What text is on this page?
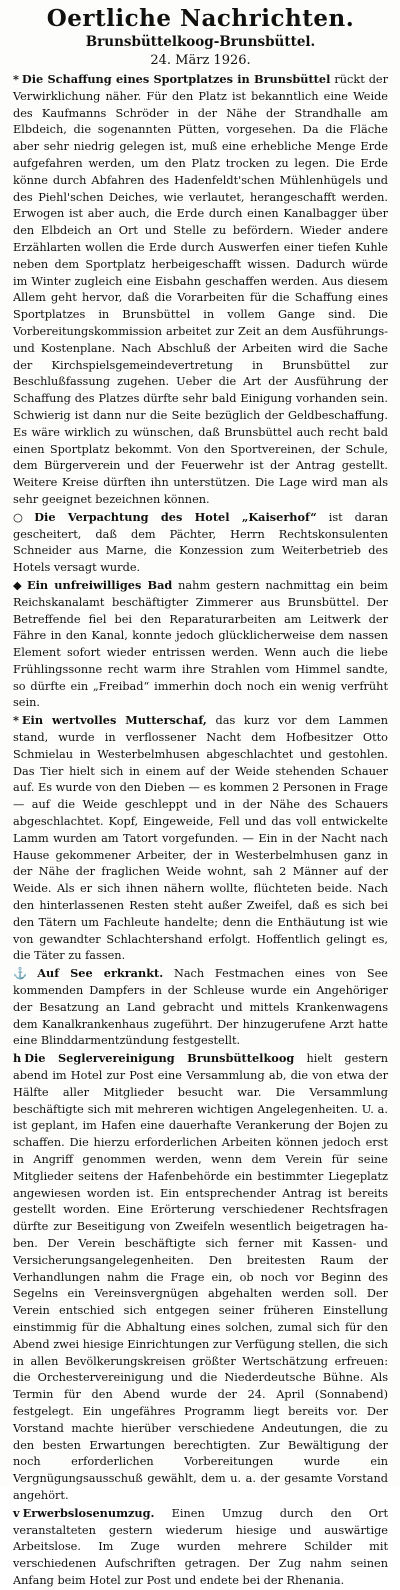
Oertliche Nachrichten.
Brunsbüttelkoog-Brunsbüttel.
24. März 1926.

* Die Schaffung eines Sportplatzes in Brunsbüttel rückt der Verwirklichung näher. Für den Platz ist bekanntlich eine Weide des Kaufmanns Schröder in der Nähe der Strandhalle am Elbdeich, die sogenannten Pütten, vorgesehen. Da die Fläche aber sehr niedrig gelegen ist, muß eine erhebliche Menge Erde aufgefahren werden, um den Platz trocken zu legen. Die Erde könne durch Abfahren des Hadenfeldt'schen Mühlenhügels und des Piehl'schen Deiches, wie verlautet, herangeschafft werden. Erwogen ist aber auch, die Erde durch einen Kanalbagger über den Elbdeich an Ort und Stelle zu befördern. Wieder andere Erzählarten wollen die Erde durch Auswerfen einer tiefen Kuhle neben dem Sportplatz herbeigeschafft wissen. Dadurch würde im Winter zugleich eine Eisbahn geschaffen werden. Aus diesem Allem geht hervor, daß die Vorarbeiten für die Schaffung eines Sportplatzes in Brunsbüttel in vollem Gange sind. Die Vorbereitungskommission arbeitet zur Zeit an dem Ausführungs- und Kostenplane. Nach Abschluß der Arbeiten wird die Sache der Kirchspielsgemeindevertretung in Brunsbüttel zur Beschlußfassung zugehen. Ueber die Art der Ausführung der Schaffung des Platzes dürfte sehr bald Einigung vorhanden sein. Schwierig ist dann nur die Seite bezüglich der Geldbeschaffung. Es wäre wirklich zu wünschen, daß Brunsbüttel auch recht bald einen Sportplatz bekommt. Von den Sportvereinen, der Schule, dem Bürgerverein und der Feuerwehr ist der Antrag gestellt. Weitere Kreise dürften ihn unterstützen. Die Lage wird man als sehr geeignet bezeichnen können.

○ Die Verpachtung des Hotel „Kaiserhof“ ist daran gescheitert, daß dem Pächter, Herrn Rechtskonsulenten Schneider aus Marne, die Konzession zum Weiterbetrieb des Hotels versagt wurde.

◆ Ein unfreiwilliges Bad nahm gestern nachmittag ein beim Reichskanalamt beschäftigter Zimmerer aus Brunsbüttel. Der Betreffende fiel bei den Reparaturarbeiten am Leitwerk der Fähre in den Kanal, konnte jedoch glücklicherweise dem nassen Element sofort wieder entrissen werden. Wenn auch die liebe Frühlingssonne recht warm ihre Strahlen vom Himmel sandte, so dürfte ein „Freibad“ immerhin doch noch ein wenig verfrüht sein.

* Ein wertvolles Mutterschaf, das kurz vor dem Lammen stand, wurde in verflossener Nacht dem Hofbesitzer Otto Schmielau in Westerbelmhusen abgeschlachtet und gestohlen. Das Tier hielt sich in einem auf der Weide stehenden Schauer auf. Es wurde von den Dieben — es kommen 2 Personen in Frage — auf die Weide geschleppt und in der Nähe des Schauers abgeschlachtet. Kopf, Eingeweide, Fell und das voll entwickelte Lamm wurden am Tatort vorgefunden. — Ein in der Nacht nach Hause gekommener Arbeiter, der in Westerbelmhusen ganz in der Nähe der fraglichen Weide wohnt, sah 2 Männer auf der Weide. Als er sich ihnen nähern wollte, flüchteten beide. Nach den hinterlassenen Resten steht außer Zweifel, daß es sich bei den Tätern um Fachleute handelte; denn die Enthäutung ist wie von gewandter Schlachtershand erfolgt. Hoffentlich gelingt es, die Täter zu fassen.

⚓ Auf See erkrankt. Nach Festmachen eines von See kommenden Dampfers in der Schleuse wurde ein Angehöriger der Besatzung an Land gebracht und mittels Krankenwagens dem Kanalkrankenhaus zugeführt. Der hinzugerufene Arzt hatte eine Blinddarmentzündung festgestellt.

h Die Seglervereinigung Brunsbüttelkoog hielt gestern abend im Hotel zur Post eine Versammlung ab, die von etwa der Hälfte aller Mitglieder besucht war. Die Versammlung beschäftigte sich mit mehreren wichtigen Angelegenheiten. U. a. ist geplant, im Hafen eine dauerhafte Verankerung der Bojen zu schaffen. Die hierzu erforderlichen Arbeiten können jedoch erst in Angriff genommen werden, wenn dem Verein für seine Mitglieder seitens der Hafenbehörde ein bestimmter Liegeplatz angewiesen worden ist. Ein entsprechender Antrag ist bereits gestellt worden. Eine Erörterung verschiedener Rechtsfragen dürfte zur Beseitigung von Zweifeln wesentlich beigetragen haben. Der Verein beschäftigte sich ferner mit Kassen- und Versicherungsangelegenheiten. Den breitesten Raum der Verhandlungen nahm die Frage ein, ob noch vor Beginn des Segelns ein Vereinsvergnügen abgehalten werden soll. Der Verein entschied sich entgegen seiner früheren Einstellung einstimmig für die Abhaltung eines solchen, zumal sich für den Abend zwei hiesige Einrichtungen zur Verfügung stellen, die sich in allen Bevölkerungskreisen größter Wertschätzung erfreuen: die Orchestervereinigung und die Niederdeutsche Bühne. Als Termin für den Abend wurde der 24. April (Sonnabend) festgelegt. Ein ungefähres Programm liegt bereits vor. Der Vorstand machte hierüber verschiedene Andeutungen, die zu den besten Erwartungen berechtigten. Zur Bewältigung der noch erforderlichen Vorbereitungen wurde ein Vergnügungsausschuß gewählt, dem u. a. der gesamte Vorstand angehört.

v Erwerbslosenumzug. Einen Umzug durch den Ort veranstalteten gestern wiederum hiesige und auswärtige Arbeitslose. Im Zuge wurden mehrere Schilder mit verschiedenen Aufschriften getragen. Der Zug nahm seinen Anfang beim Hotel zur Post und endete bei der Rhenania.
